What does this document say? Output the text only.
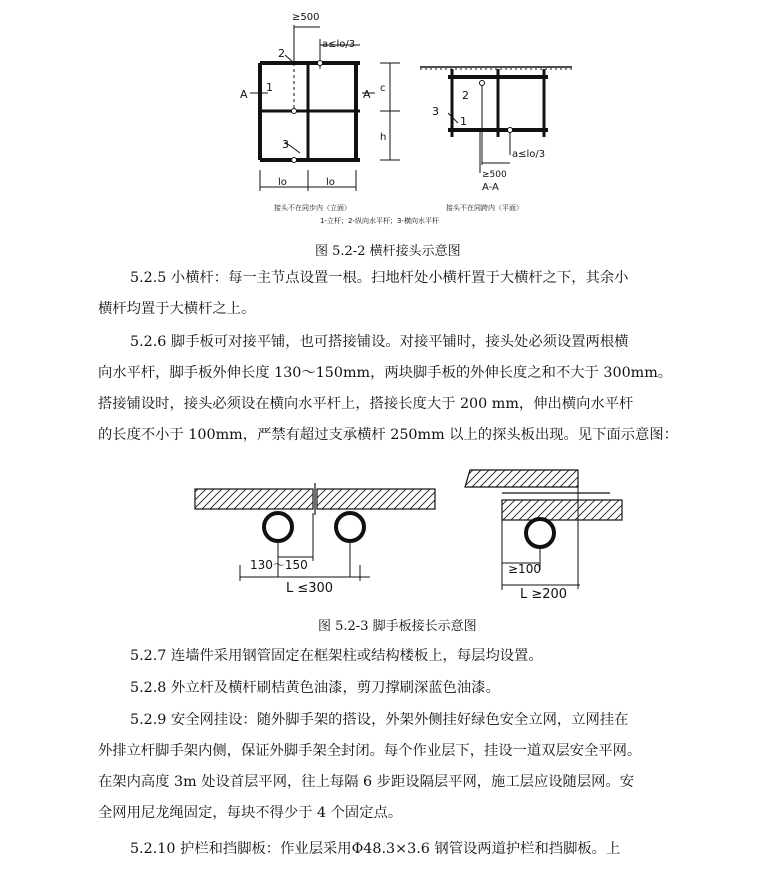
≥500
a≤lo/3
A	A
1
2
3
c
h
lo	lo
接头不在同步内（立面）
2
3
1
a≤lo/3
≥500
A-A
接头不在同跨内（平面）
1-立杆；2-纵向水平杆；3-横向水平杆
图 5.2-2 横杆接头示意图
5.2.5 小横杆：每一主节点设置一根。扫地杆处小横杆置于大横杆之下，其余小
横杆均置于大横杆之上。
5.2.6 脚手板可对接平铺，也可搭接铺设。对接平铺时，接头处必须设置两根横
向水平杆，脚手板外伸长度 130～150mm，两块脚手板的外伸长度之和不大于 300mm。
搭接铺设时，接头必须设在横向水平杆上，搭接长度大于 200 mm，伸出横向水平杆
的长度不小于 100mm，严禁有超过支承横杆 250mm 以上的探头板出现。见下面示意图：
130～150
L ≤300
≥100
L ≥200
图 5.2-3 脚手板接长示意图
5.2.7 连墙件采用钢管固定在框架柱或结构楼板上，每层均设置。
5.2.8 外立杆及横杆刷桔黄色油漆，剪刀撑刷深蓝色油漆。
5.2.9 安全网挂设：随外脚手架的搭设，外架外侧挂好绿色安全立网，立网挂在
外排立杆脚手架内侧，保证外脚手架全封闭。每个作业层下，挂设一道双层安全平网。
在架内高度 3m 处设首层平网，往上每隔 6 步距设隔层平网，施工层应设随层网。安
全网用尼龙绳固定，每块不得少于 4 个固定点。
5.2.10 护栏和挡脚板：作业层采用Φ48.3×3.6 钢管设两道护栏和挡脚板。上
